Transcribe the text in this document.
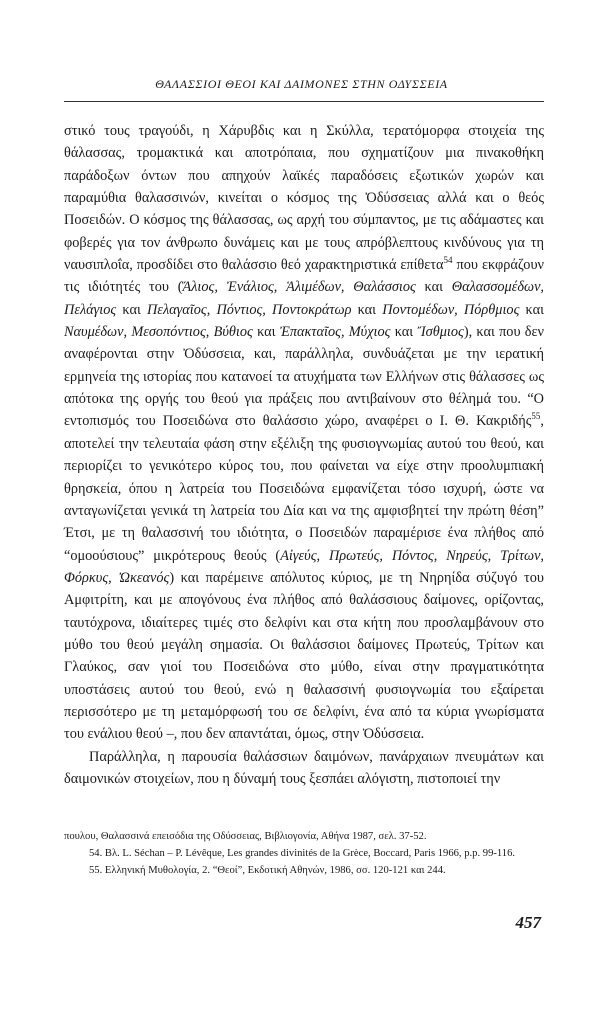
ΘΑΛΑΣΣΙΟΙ ΘΕΟΙ ΚΑΙ ΔΑΙΜΟΝΕΣ ΣΤΗΝ ΟΔΥΣΣΕΙΑ

στικό τους τραγούδι, η Χάρυβδις και η Σκύλλα, τερατόμορφα στοιχεία της θάλασσας, τρομακτικά και αποτρόπαια, που σχηματίζουν μια πινακοθήκη παράδοξων όντων που απηχούν λαϊκές παραδόσεις εξωτικών χωρών και παραμύθια θαλασσινών, κινείται ο κόσμος της Ὀδύσσειας αλλά και ο θεός Ποσειδών. Ο κόσμος της θάλασσας, ως αρχή του σύμπαντος, με τις αδάμαστες και φοβερές για τον άνθρωπο δυνάμεις και με τους απρόβλεπτους κινδύνους για τη ναυσιπλοΐα, προσδίδει στο θαλάσσιο θεό χαρακτηριστικά επίθετα$^{54}$ που εκφράζουν τις ιδιότητές του (Ἅλιος, Ἐνάλιος, Ἁλιμέδων, Θαλάσσιος και Θαλασσομέδων, Πελάγιος και Πελαγαῖος, Πόντιος, Ποντοκράτωρ και Ποντομέδων, Πόρθμιος και Ναυμέδων, Μεσοπόντιος, Βύθιος και Ἐπακταῖος, Μύχιος και Ἴσθμιος), και που δεν αναφέρονται στην Ὀδύσσεια, και, παράλληλα, συνδυάζεται με την ιερατική ερμηνεία της ιστορίας που κατανοεί τα ατυχήματα των Ελλήνων στις θάλασσες ως απότοκα της οργής του θεού για πράξεις που αντιβαίνουν στο θέλημά του. “Ο εντοπισμός του Ποσειδώνα στο θαλάσσιο χώρο, αναφέρει ο Ι. Θ. Κακριδής$^{55}$, αποτελεί την τελευταία φάση στην εξέλιξη της φυσιογνωμίας αυτού του θεού, και περιορίζει το γενικότερο κύρος του, που φαίνεται να είχε στην προολυμπιακή θρησκεία, όπου η λατρεία του Ποσειδώνα εμφανίζεται τόσο ισχυρή, ώστε να ανταγωνίζεται γενικά τη λατρεία του Δία και να της αμφισβητεί την πρώτη θέση” Έτσι, με τη θαλασσινή του ιδιότητα, ο Ποσειδών παραμέρισε ένα πλήθος από “ομοούσιους” μικρότερους θεούς (Αἰγεύς, Πρωτεύς, Πόντος, Νηρεύς, Τρίτων, Φόρκυς, Ὠκεανός) και παρέμεινε απόλυτος κύριος, με τη Νηρηίδα σύζυγό του Αμφιτρίτη, και με απογόνους ένα πλήθος από θαλάσσιους δαίμονες, ορίζοντας, ταυτόχρονα, ιδιαίτερες τιμές στο δελφίνι και στα κήτη που προσλαμβάνουν στο μύθο του θεού μεγάλη σημασία. Οι θαλάσσιοι δαίμονες Πρωτεύς, Τρίτων και Γλαύκος, σαν γιοί του Ποσειδώνα στο μύθο, είναι στην πραγματικότητα υποστάσεις αυτού του θεού, ενώ η θαλασσινή φυσιογνωμία του εξαίρεται περισσότερο με τη μεταμόρφωσή του σε δελφίνι, ένα από τα κύρια γνωρίσματα του ενάλιου θεού –, που δεν απαντάται, όμως, στην Ὀδύσσεια.

Παράλληλα, η παρουσία θαλάσσιων δαιμόνων, πανάρχαιων πνευμάτων και δαιμονικών στοιχείων, που η δύναμή τους ξεσπάει αλόγιστη, πιστοποιεί την

πουλου, Θαλασσινά επεισόδια της Οδύσσειας, Βιβλιογονία, Αθήνα 1987, σελ. 37-52.

54. Βλ. L. Séchan – P. Lévêque, Les grandes divinités de la Grèce, Boccard, Paris 1966, p.p. 99-116.

55. Ελληνική Μυθολογία, 2. “Θεοί”, Εκδοτική Αθηνών, 1986, σσ. 120-121 και 244.

457
